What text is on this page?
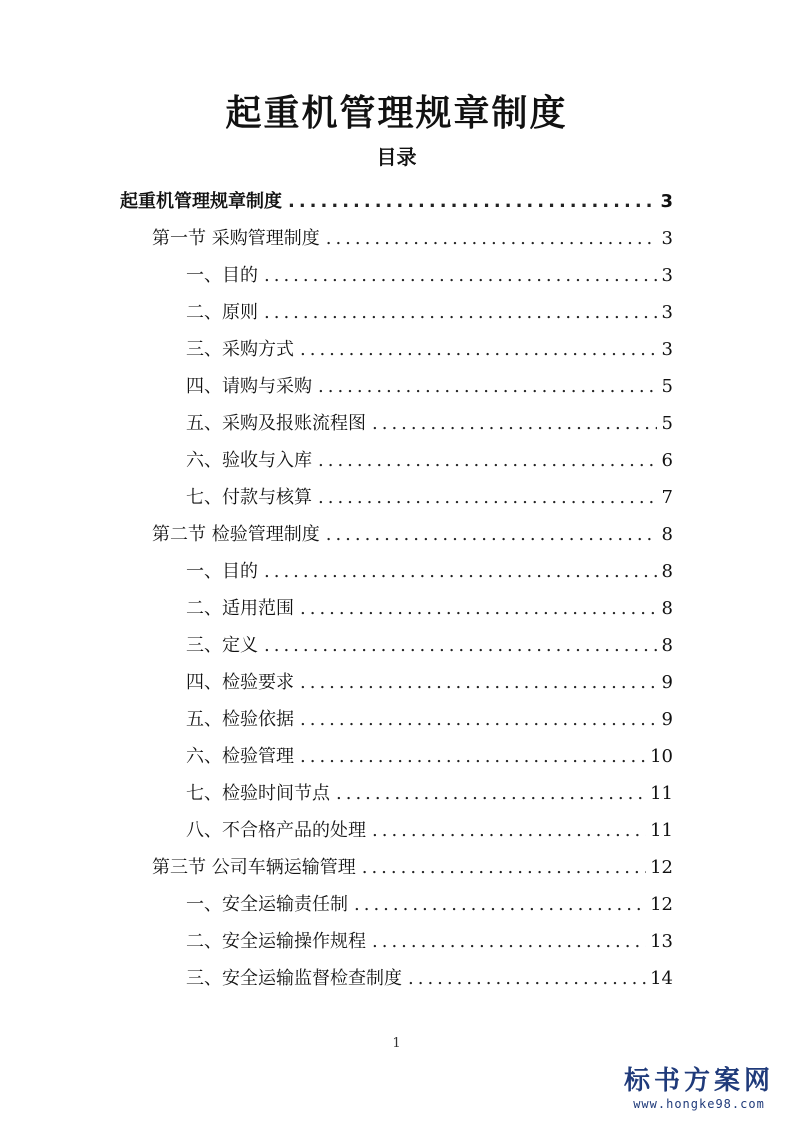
起重机管理规章制度
目录
起重机管理规章制度 .....	3
第一节 采购管理制度 .....	3
一、目的 .....	3
二、原则 .....	3
三、采购方式 .....	3
四、请购与采购 .....	5
五、采购及报账流程图 .....	5
六、验收与入库 .....	6
七、付款与核算 .....	7
第二节 检验管理制度 .....	8
一、目的 .....	8
二、适用范围 .....	8
三、定义 .....	8
四、检验要求 .....	9
五、检验依据 .....	9
六、检验管理 .....	10
七、检验时间节点 .....	11
八、不合格产品的处理 .....	11
第三节 公司车辆运输管理 .....	12
一、安全运输责任制 .....	12
二、安全运输操作规程 .....	13
三、安全运输监督检查制度 .....	14
1
标书方案网
www.hongke98.com
